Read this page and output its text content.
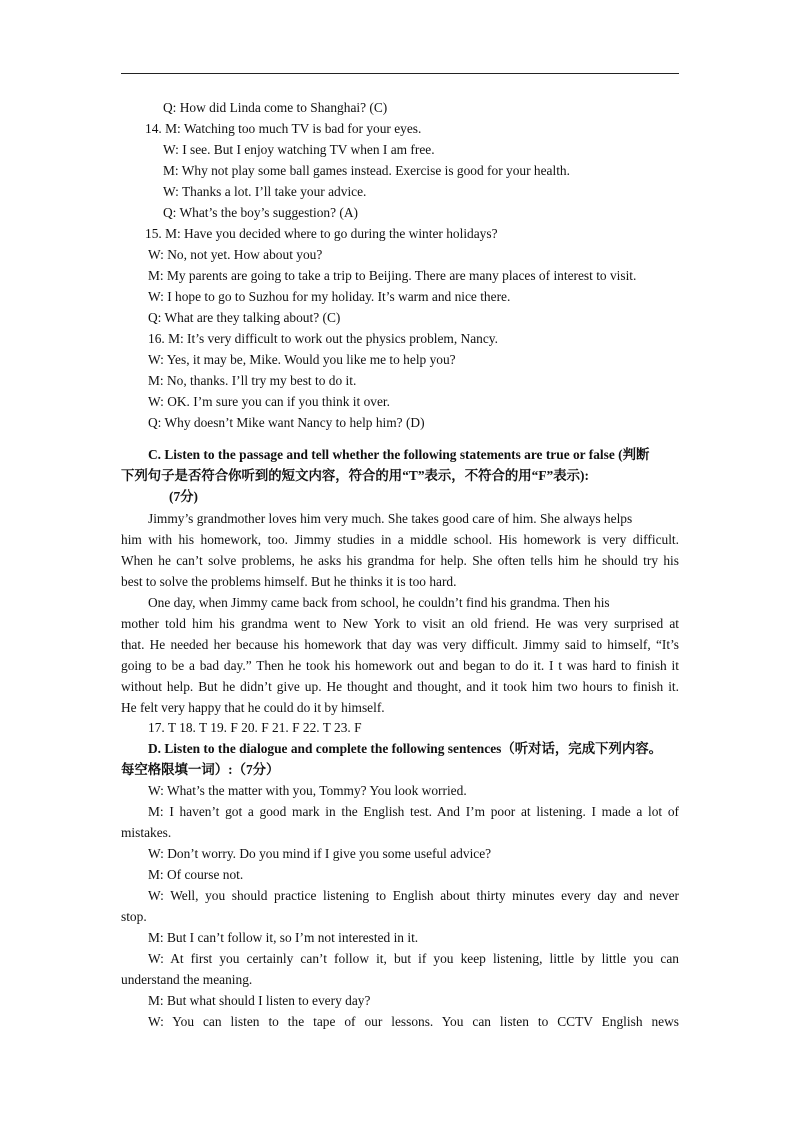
Q: How did Linda come to Shanghai? (C)
14. M: Watching too much TV is bad for your eyes.
W: I see. But I enjoy watching TV when I am free.
M: Why not play some ball games instead. Exercise is good for your health.
W: Thanks a lot. I’ll take your advice.
Q: What’s the boy’s suggestion? (A)
15. M: Have you decided where to go during the winter holidays?
W: No, not yet. How about you?
M: My parents are going to take a trip to Beijing. There are many places of interest to visit.
W: I hope to go to Suzhou for my holiday. It’s warm and nice there.
Q: What are they talking about? (C)
16. M: It’s very difficult to work out the physics problem, Nancy.
W: Yes, it may be, Mike. Would you like me to help you?
M: No, thanks. I’ll try my best to do it.
W: OK. I’m sure you can if you think it over.
Q: Why doesn’t Mike want Nancy to help him? (D)
C. Listen to the passage and tell whether the following statements are true or false (判断
下列句子是否符合你听到的短文内容，符合的用“T”表示，不符合的用“F”表示):
(7分)
Jimmy’s grandmother loves him very much. She takes good care of him. She always helps
him with his homework, too. Jimmy studies in a middle school. His homework is very difficult.
When he can’t solve problems, he asks his grandma for help. She often tells him he should try his
best to solve the problems himself. But he thinks it is too hard.
One day, when Jimmy came back from school, he couldn’t find his grandma. Then his
mother told him his grandma went to New York to visit an old friend. He was very surprised at
that. He needed her because his homework that day was very difficult. Jimmy said to himself, “It’s
going to be a bad day.” Then he took his homework out and began to do it. I t was hard to finish it
without help. But he didn’t give up. He thought and thought, and it took him two hours to finish it.
He felt very happy that he could do it by himself.
17. T 18. T 19. F 20. F 21. F 22. T 23. F
D. Listen to the dialogue and complete the following sentences（听对话，完成下列内容。
每空格限填一词）:（7分）
W: What’s the matter with you, Tommy? You look worried.
M: I haven’t got a good mark in the English test. And I’m poor at listening. I made a lot of
mistakes.
W: Don’t worry. Do you mind if I give you some useful advice?
M: Of course not.
W: Well, you should practice listening to English about thirty minutes every day and never
stop.
M: But I can’t follow it, so I’m not interested in it.
W: At first you certainly can’t follow it, but if you keep listening, little by little you can
understand the meaning.
M: But what should I listen to every day?
W: You can listen to the tape of our lessons. You can listen to CCTV English news
